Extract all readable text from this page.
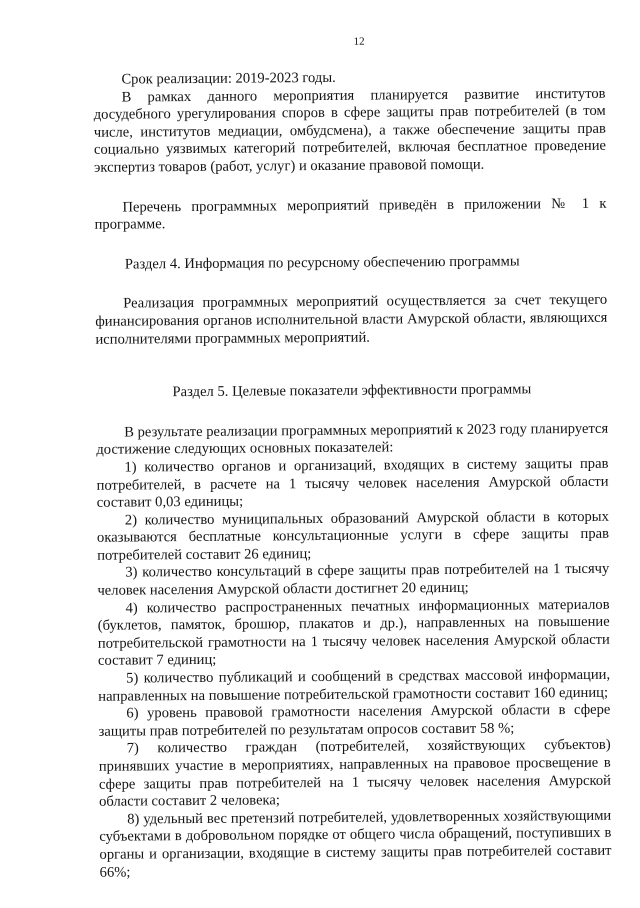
12

Срок реализации: 2019-2023 годы.

В рамках данного мероприятия планируется развитие институтов досудебного урегулирования споров в сфере защиты прав потребителей (в том числе, институтов медиации, омбудсмена), а также обеспечение защиты прав социально уязвимых категорий потребителей, включая бесплатное проведение экспертиз товаров (работ, услуг) и оказание правовой помощи.

Перечень программных мероприятий приведён в приложении № 1 к программе.

Раздел 4. Информация по ресурсному обеспечению программы

Реализация программных мероприятий осуществляется за счет текущего финансирования органов исполнительной власти Амурской области, являющихся исполнителями программных мероприятий.

Раздел 5. Целевые показатели эффективности программы

В результате реализации программных мероприятий к 2023 году планируется достижение следующих основных показателей:

1) количество органов и организаций, входящих в систему защиты прав потребителей, в расчете на 1 тысячу человек населения Амурской области составит 0,03 единицы;

2) количество муниципальных образований Амурской области в которых оказываются бесплатные консультационные услуги в сфере защиты прав потребителей составит 26 единиц;

3) количество консультаций в сфере защиты прав потребителей на 1 тысячу человек населения Амурской области достигнет 20 единиц;

4) количество распространенных печатных информационных материалов (буклетов, памяток, брошюр, плакатов и др.), направленных на повышение потребительской грамотности на 1 тысячу человек населения Амурской области составит 7 единиц;

5) количество публикаций и сообщений в средствах массовой информации, направленных на повышение потребительской грамотности составит 160 единиц;

6) уровень правовой грамотности населения Амурской области в сфере защиты прав потребителей по результатам опросов составит 58 %;

7) количество граждан (потребителей, хозяйствующих субъектов) принявших участие в мероприятиях, направленных на правовое просвещение в сфере защиты прав потребителей на 1 тысячу человек населения Амурской области составит 2 человека;

8) удельный вес претензий потребителей, удовлетворенных хозяйствующими субъектами в добровольном порядке от общего числа обращений, поступивших в органы и организации, входящие в систему защиты прав потребителей составит 66%;
